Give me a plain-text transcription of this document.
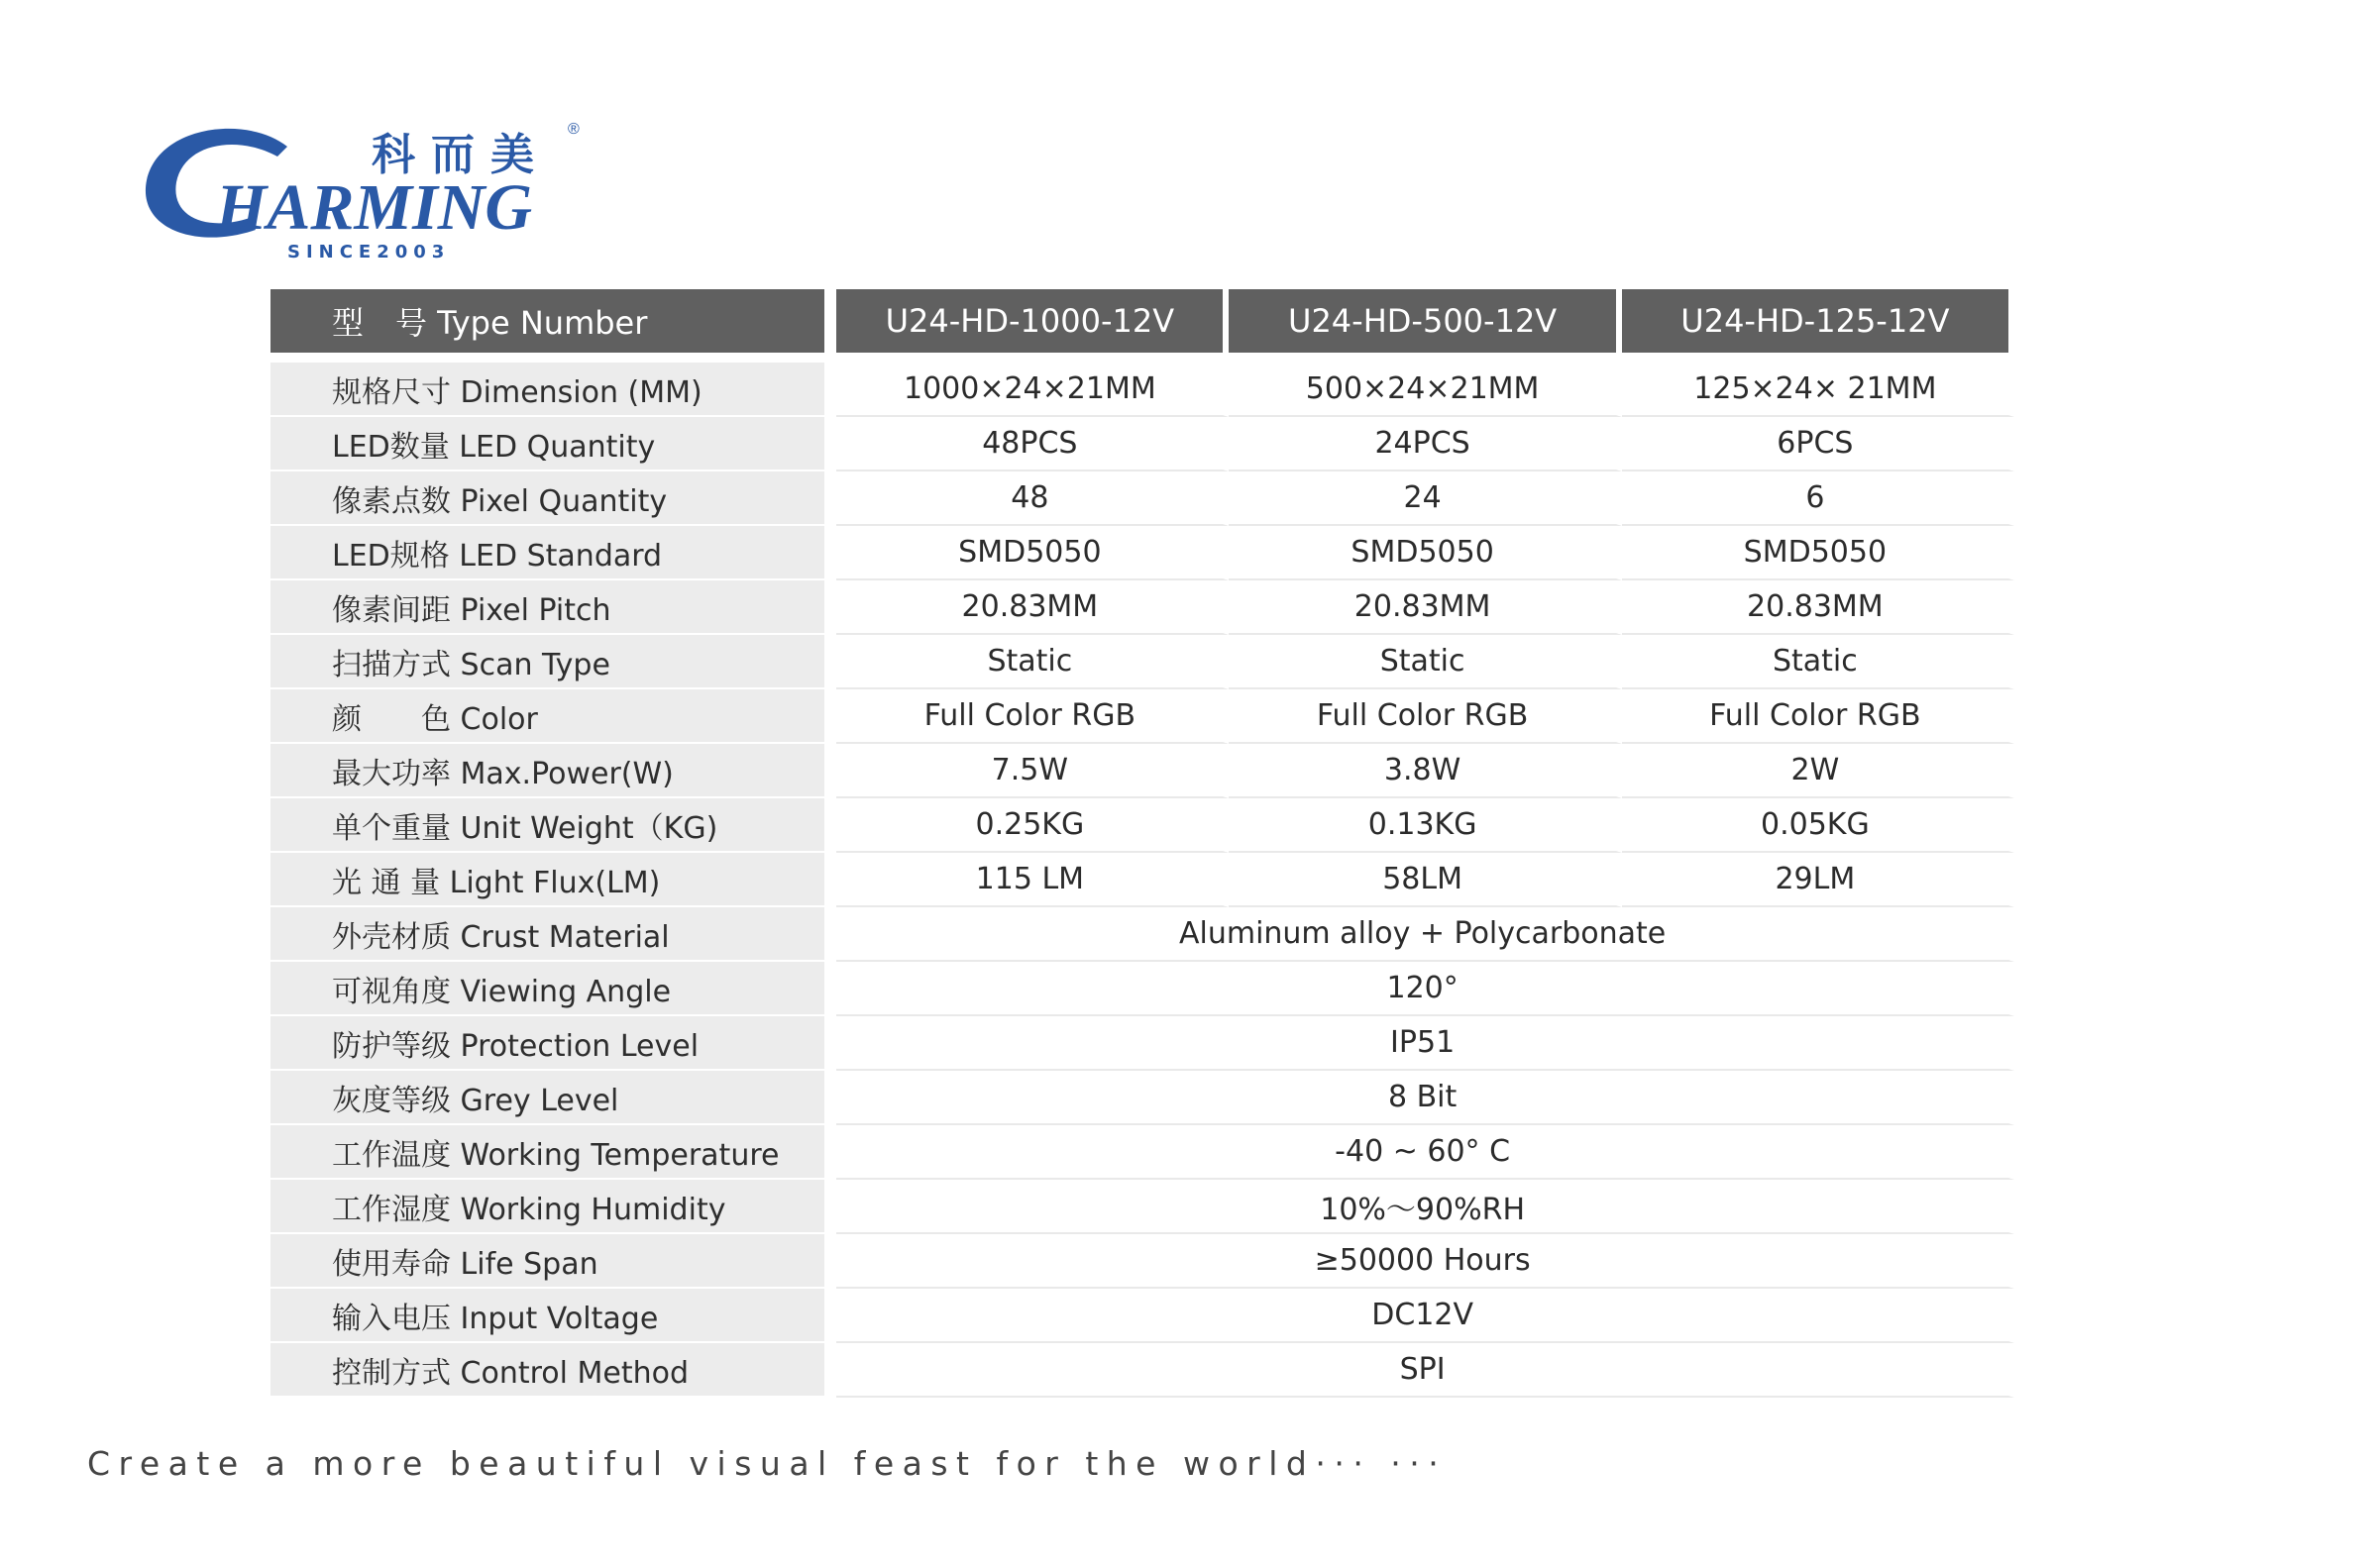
科而美
®
HARMING
SINCE2003
型　号 Type Number		U24-HD-1000-12V	U24-HD-500-12V	U24-HD-125-12V

规格尺寸 Dimension (MM)		1000×24×21MM	500×24×21MM	125×24× 21MM
LED数量 LED Quantity		48PCS	24PCS	6PCS
像素点数 Pixel Quantity		48	24	6
LED规格 LED Standard		SMD5050	SMD5050	SMD5050
像素间距 Pixel Pitch		20.83MM	20.83MM	20.83MM
扫描方式 Scan Type		Static	Static	Static
颜　　色 Color		Full Color RGB	Full Color RGB	Full Color RGB
最大功率 Max.Power(W)		7.5W	3.8W	2W
单个重量 Unit Weight（KG)		0.25KG	0.13KG	0.05KG
光 通 量 Light Flux(LM)		115 LM	58LM	29LM
外壳材质 Crust Material		Aluminum alloy + Polycarbonate		
可视角度 Viewing Angle		120°		
防护等级 Protection Level		IP51		
灰度等级 Grey Level		8 Bit		
工作温度 Working Temperature		-40 ~ 60° C		
工作湿度 Working Humidity		10%～90%RH		
使用寿命 Life Span		≥50000 Hours		
输入电压 Input Voltage		DC12V		
控制方式 Control Method		SPI		
Create a more beautiful visual feast for the world··· ···
